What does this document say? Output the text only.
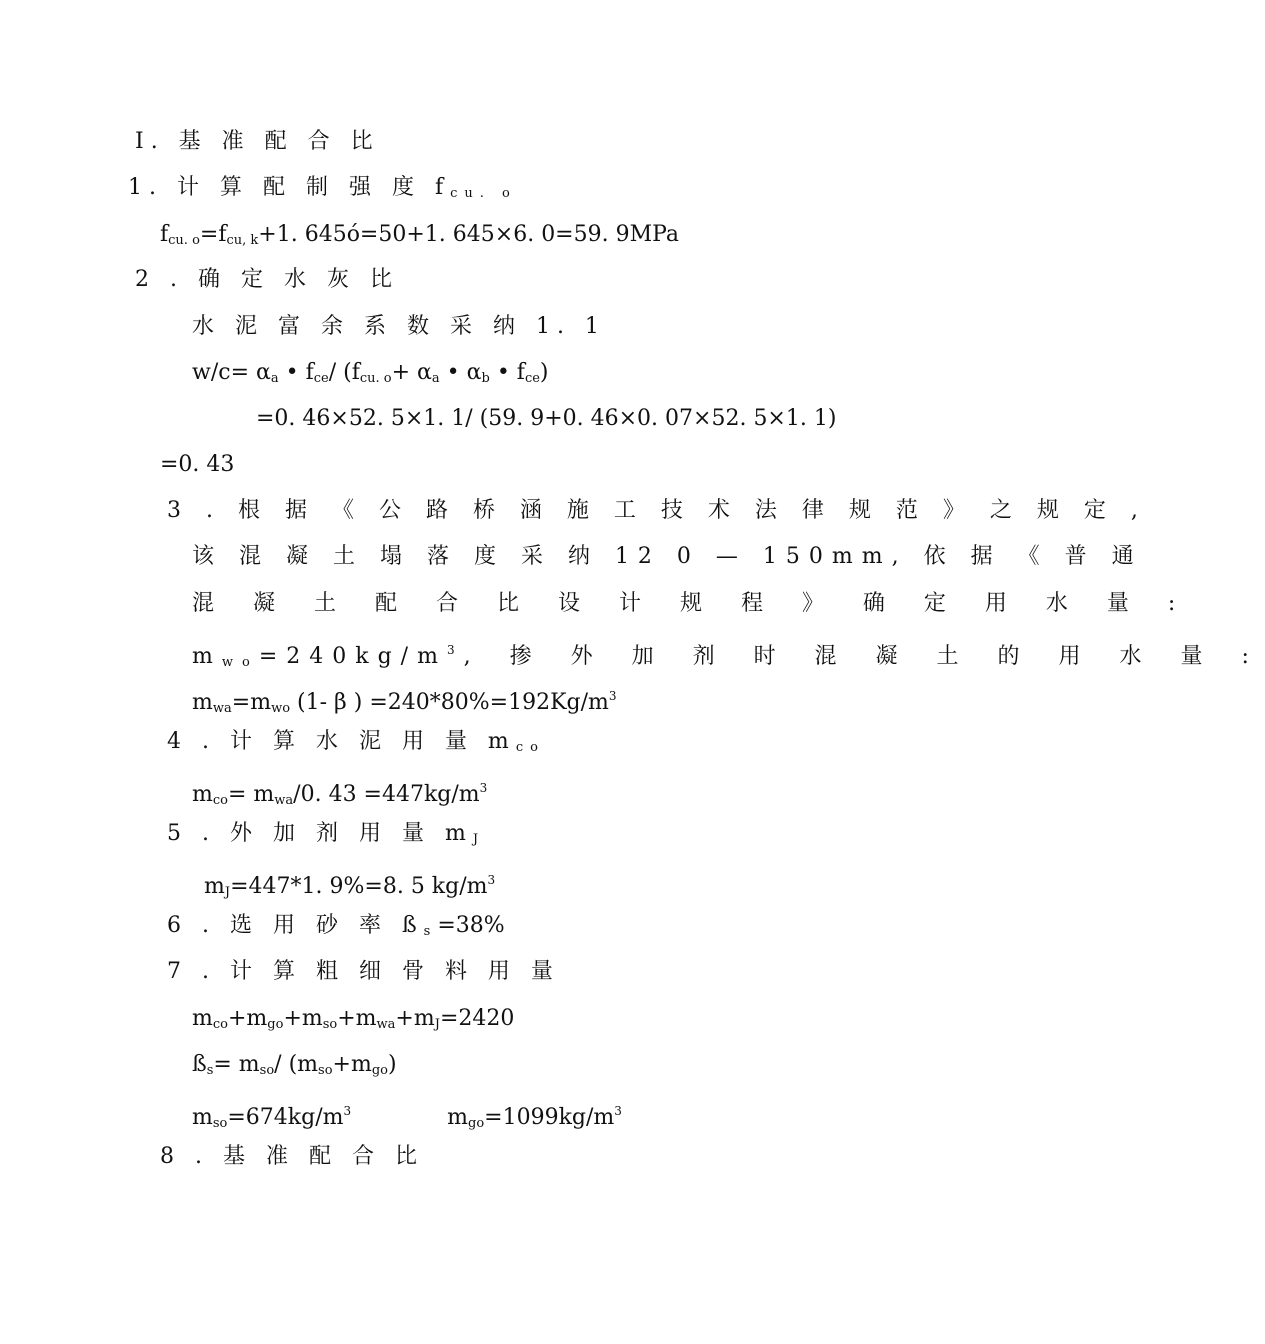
Ⅰ. 基 准 配 合 比
1. 计 算 配 制 强 度 fcu. o
fcu. o=fcu, k+1. 645ó=50+1. 645×6. 0=59. 9MPa
2 . 确 定 水 灰 比
水 泥 富 余 系 数 采 纳 1. 1
w/c= αa • fce/ (fcu. o+ αa • αb • fce)
=0. 46×52. 5×1. 1/ (59. 9+0. 46×0. 07×52. 5×1. 1)
=0. 43
3 . 根 据 《 公 路 桥 涵 施 工 技 术 法 律 规 范 》 之 规 定 ,
该 混 凝 土 塌 落 度 采 纳 12 0 — 150mm, 依 据 《 普 通
混 凝 土 配 合 比 设 计 规 程 》 确 定 用 水 量 :
$mwo=240kg/m^3$, 掺 外 加 剂 时 混 凝 土 的 用 水 量 :
mwa=mwo (1- β ) $=240*80\%=192Kg/m^3$
4 . 计 算 水 泥 用 量 mco
mco= mwa/0. $43 =447kg/m^3$
5 . 外 加 剂 用 量 mJ
mJ=447*1. 9%=8. 5 $kg/m^3$
6 . 选 用 砂 率 ßs=38%
7 . 计 算 粗 细 骨 料 用 量
mco+mgo+mso+mwa+mJ=2420
ßs= mso/ (mso+mgo)
$mso=674kg/m^3$	$mgo=1099kg/m^3$
8 . 基 准 配 合 比
